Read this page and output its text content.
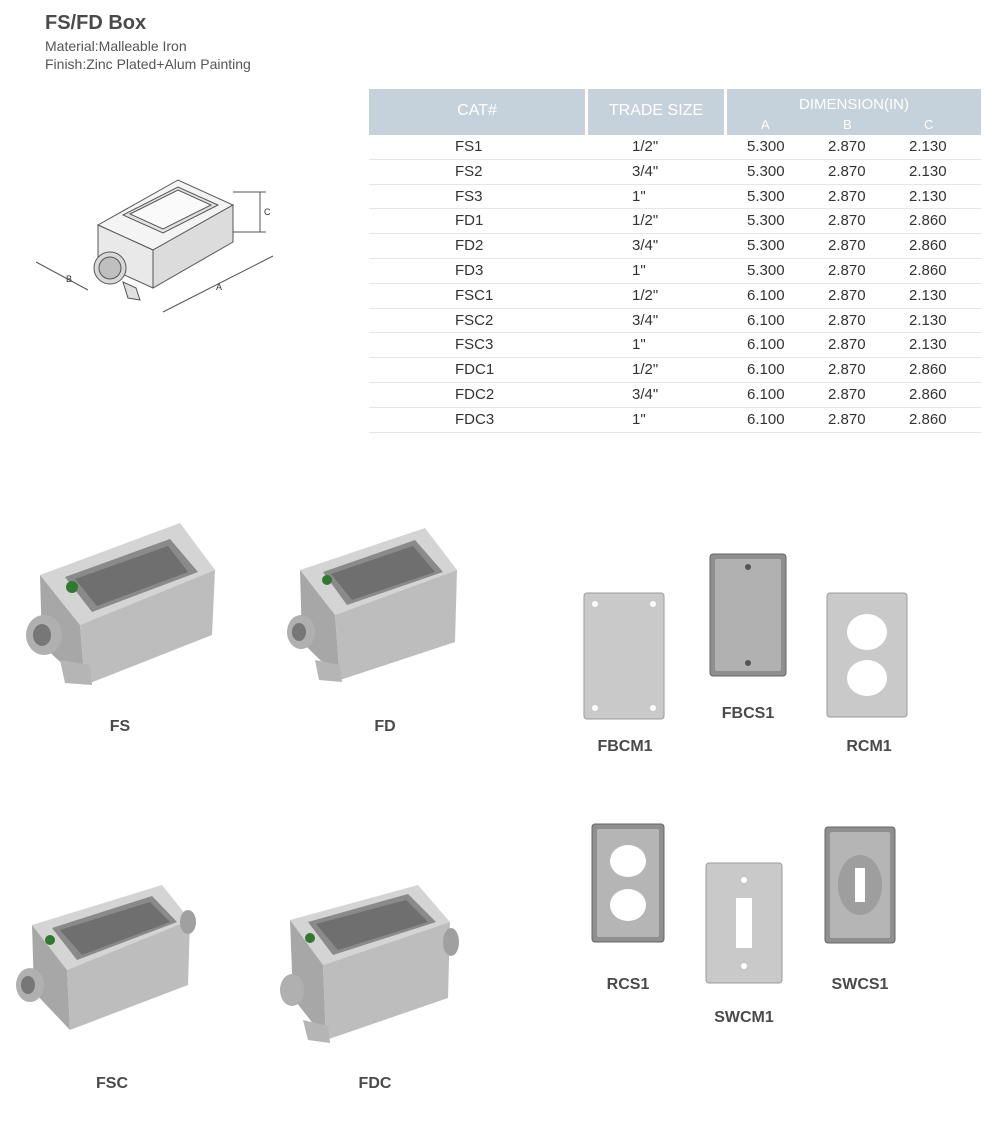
FS/FD Box
Material:Malleable Iron
Finish:Zinc Plated+Alum Painting
C
B
A
CAT#	TRADE SIZE	DIMENSION(IN)
A	B	C
FS1	1/2"	5.300	2.870	2.130
FS2	3/4"	5.300	2.870	2.130
FS3	1"	5.300	2.870	2.130
FD1	1/2"	5.300	2.870	2.860
FD2	3/4"	5.300	2.870	2.860
FD3	1"	5.300	2.870	2.860
FSC1	1/2"	6.100	2.870	2.130
FSC2	3/4"	6.100	2.870	2.130
FSC3	1"	6.100	2.870	2.130
FDC1	1/2"	6.100	2.870	2.860
FDC2	3/4"	6.100	2.870	2.860
FDC3	1"	6.100	2.870	2.860
FS	FD
FSC	FDC
FBCM1
FBCS1
RCM1
RCS1
SWCM1
SWCS1
